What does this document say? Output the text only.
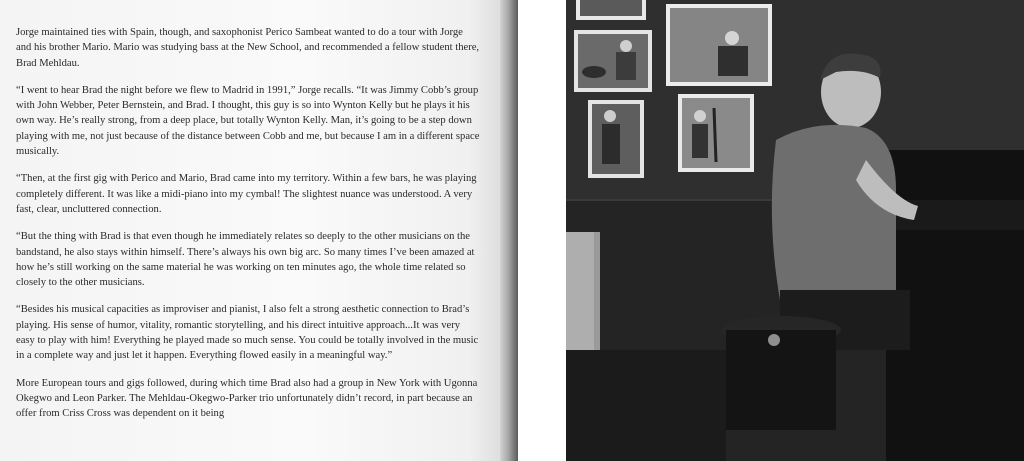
Jorge maintained ties with Spain, though, and saxophonist Perico Sambeat wanted to do a tour with Jorge and his brother Mario. Mario was studying bass at the New School, and recommended a fellow student there, Brad Mehldau.

“I went to hear Brad the night before we flew to Madrid in 1991,” Jorge recalls. “It was Jimmy Cobb’s group with John Webber, Peter Bernstein, and Brad. I thought, this guy is so into Wynton Kelly but he plays it his own way. He’s really strong, from a deep place, but totally Wynton Kelly. Man, it’s going to be a step down playing with me, not just because of the distance between Cobb and me, but because I am in a different space musically.

“Then, at the first gig with Perico and Mario, Brad came into my territory. Within a few bars, he was playing completely different. It was like a midi-piano into my cymbal! The slightest nuance was understood. A very fast, clear, uncluttered connection.

“But the thing with Brad is that even though he immediately relates so deeply to the other musicians on the bandstand, he also stays within himself. There’s always his own big arc. So many times I’ve been amazed at how he’s still working on the same material he was working on ten minutes ago, the whole time related so closely to the other musicians.

“Besides his musical capacities as improviser and pianist, I also felt a strong aesthetic connection to Brad’s playing. His sense of humor, vitality, romantic storytelling, and his direct intuitive approach...It was very easy to play with him! Everything he played made so much sense. You could be totally involved in the music in a complete way and just let it happen. Everything flowed easily in a meaningful way.”

More European tours and gigs followed, during which time Brad also had a group in New York with Ugonna Okegwo and Leon Parker. The Mehldau-Okegwo-Parker trio unfortunately didn’t record, in part because an offer from Criss Cross was dependent on it being
